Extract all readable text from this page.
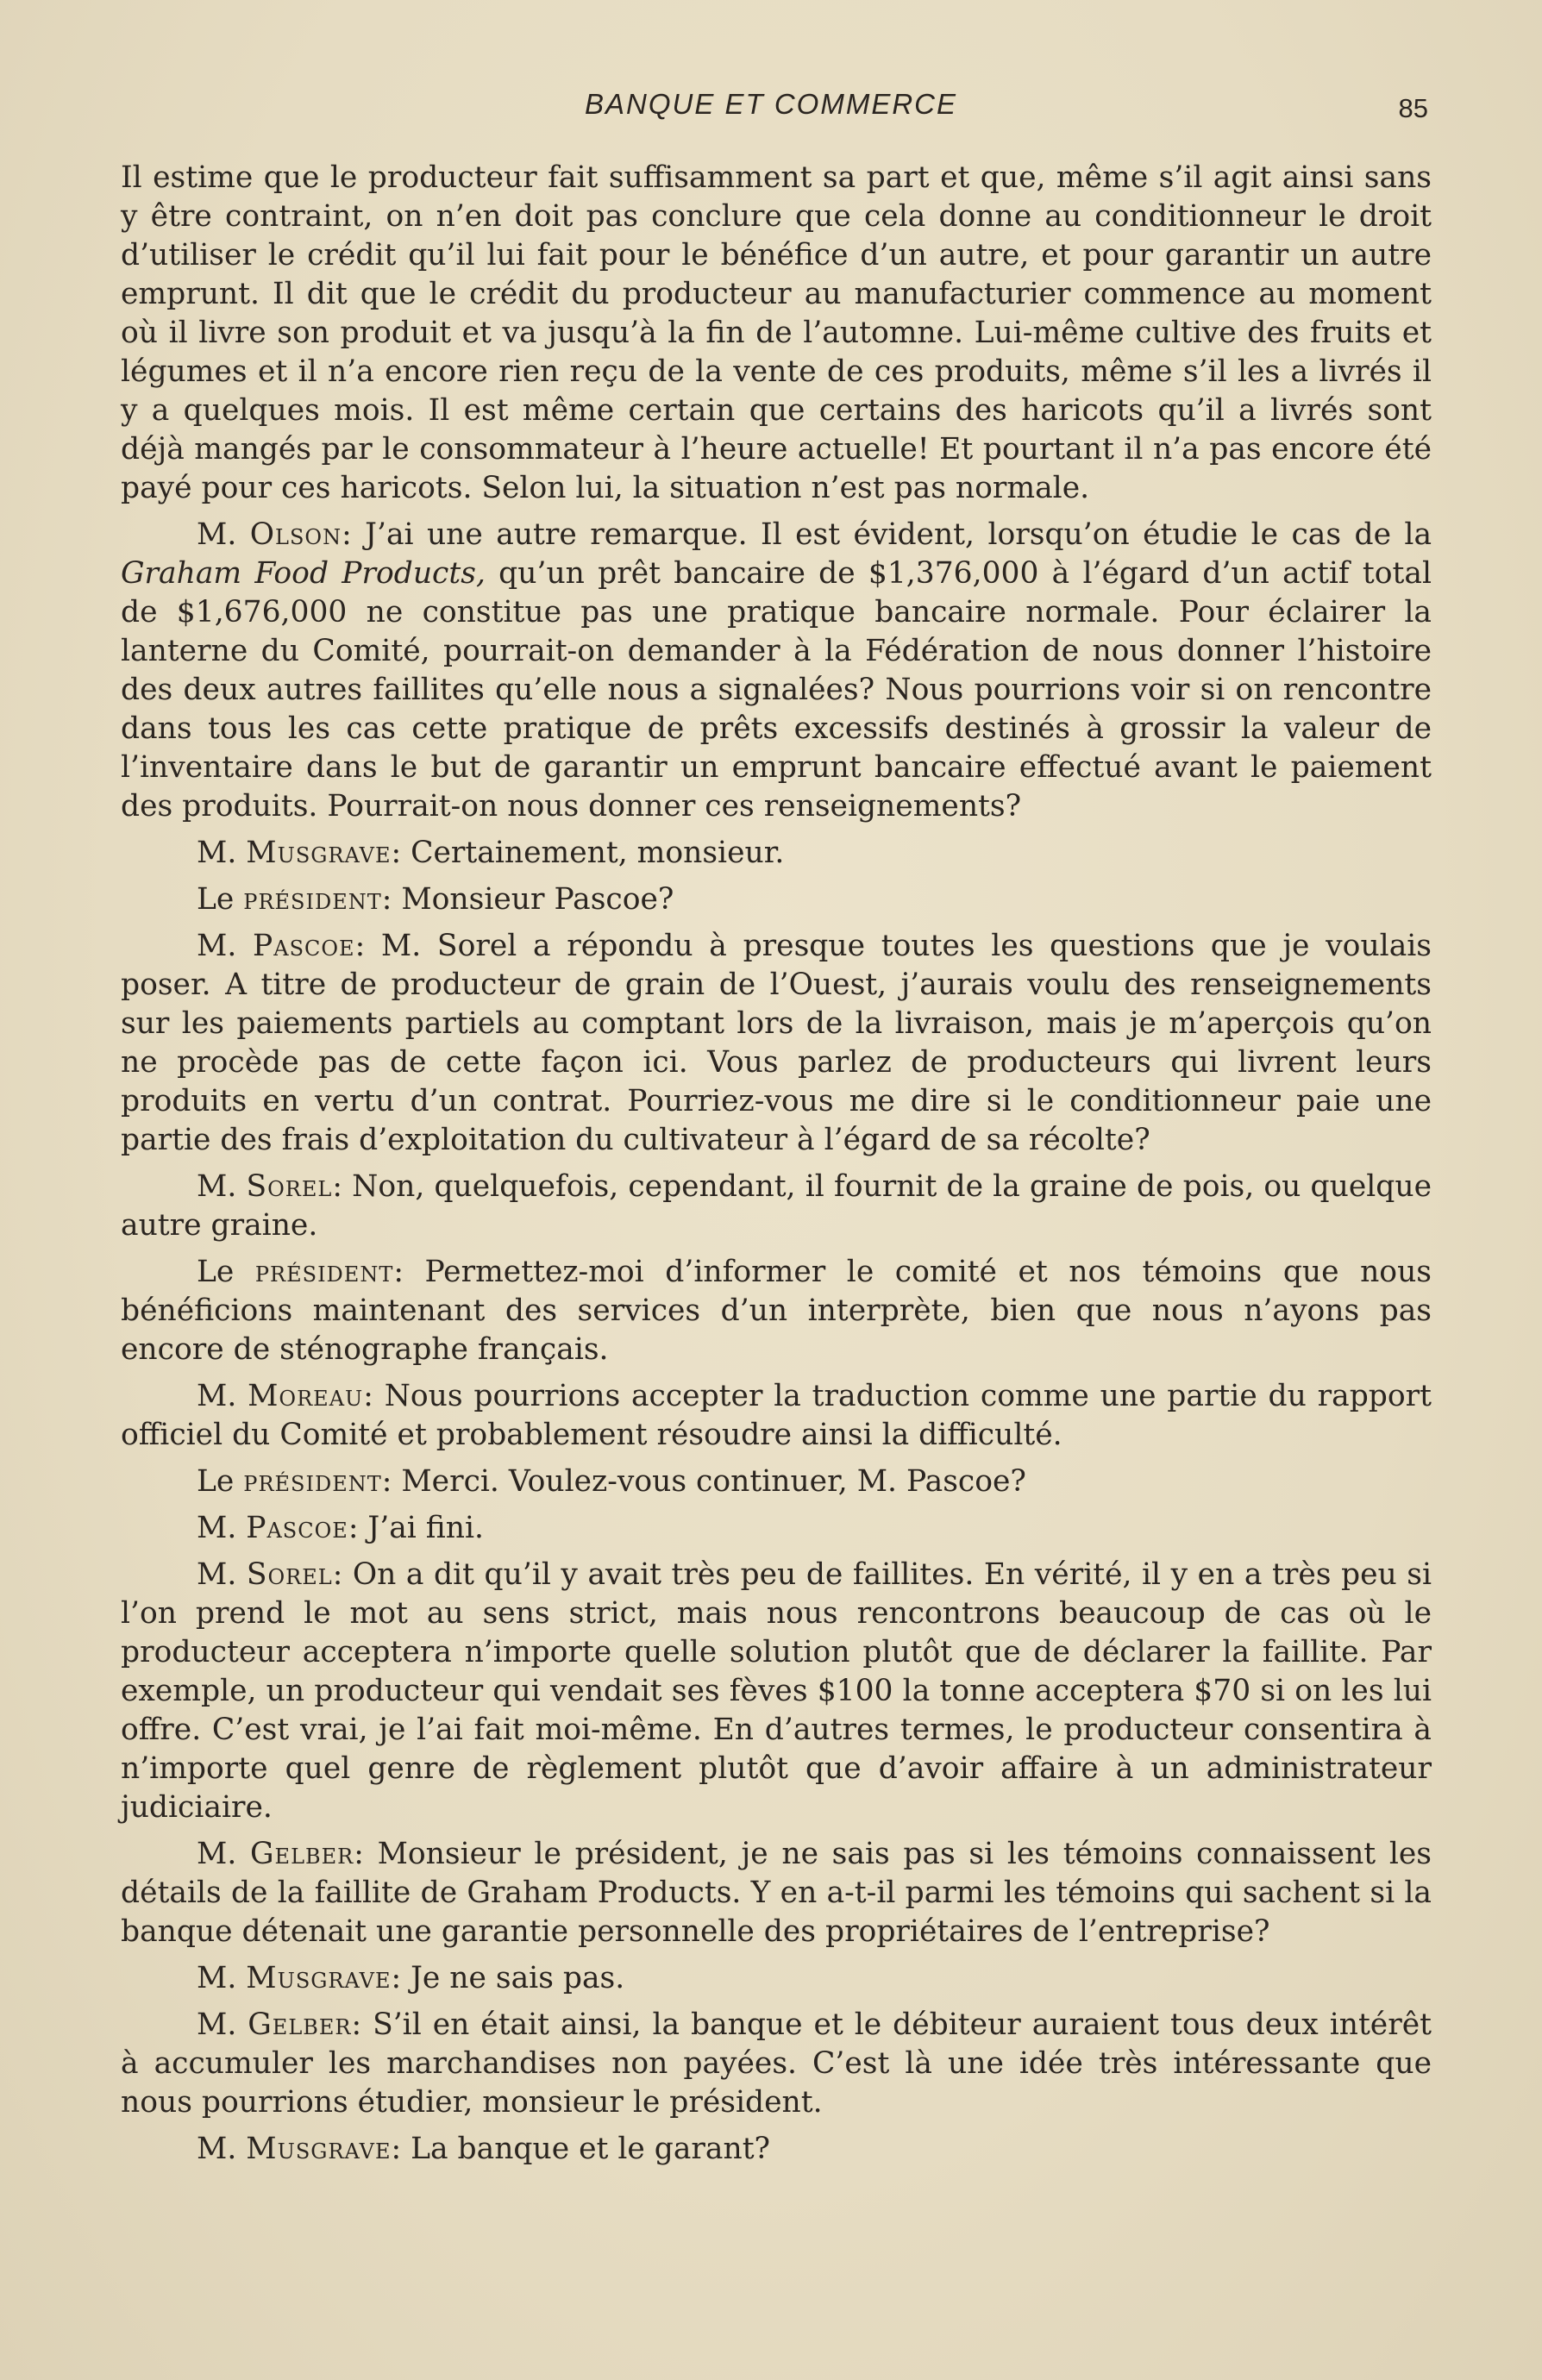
BANQUE ET COMMERCE	85

Il estime que le producteur fait suffisamment sa part et que, même s’il agit ainsi sans y être contraint, on n’en doit pas conclure que cela donne au conditionneur le droit d’utiliser le crédit qu’il lui fait pour le bénéfice d’un autre, et pour garantir un autre emprunt. Il dit que le crédit du producteur au manufacturier commence au moment où il livre son produit et va jusqu’à la fin de l’automne. Lui-même cultive des fruits et légumes et il n’a encore rien reçu de la vente de ces produits, même s’il les a livrés il y a quelques mois. Il est même certain que certains des haricots qu’il a livrés sont déjà mangés par le consommateur à l’heure actuelle! Et pourtant il n’a pas encore été payé pour ces haricots. Selon lui, la situation n’est pas normale.

M. Olson: J’ai une autre remarque. Il est évident, lorsqu’on étudie le cas de la Graham Food Products, qu’un prêt bancaire de $1,376,000 à l’égard d’un actif total de $1,676,000 ne constitue pas une pratique bancaire normale. Pour éclairer la lanterne du Comité, pourrait-on demander à la Fédération de nous donner l’histoire des deux autres faillites qu’elle nous a signalées? Nous pourrions voir si on rencontre dans tous les cas cette pratique de prêts excessifs destinés à grossir la valeur de l’inventaire dans le but de garantir un emprunt bancaire effectué avant le paiement des produits. Pourrait-on nous donner ces renseignements?

M. Musgrave: Certainement, monsieur.

Le président: Monsieur Pascoe?

M. Pascoe: M. Sorel a répondu à presque toutes les questions que je voulais poser. A titre de producteur de grain de l’Ouest, j’aurais voulu des renseignements sur les paiements partiels au comptant lors de la livraison, mais je m’aperçois qu’on ne procède pas de cette façon ici. Vous parlez de producteurs qui livrent leurs produits en vertu d’un contrat. Pourriez-vous me dire si le conditionneur paie une partie des frais d’exploitation du cultivateur à l’égard de sa récolte?

M. Sorel: Non, quelquefois, cependant, il fournit de la graine de pois, ou quelque autre graine.

Le président: Permettez-moi d’informer le comité et nos témoins que nous bénéficions maintenant des services d’un interprète, bien que nous n’ayons pas encore de sténographe français.

M. Moreau: Nous pourrions accepter la traduction comme une partie du rapport officiel du Comité et probablement résoudre ainsi la difficulté.

Le président: Merci. Voulez-vous continuer, M. Pascoe?

M. Pascoe: J’ai fini.

M. Sorel: On a dit qu’il y avait très peu de faillites. En vérité, il y en a très peu si l’on prend le mot au sens strict, mais nous rencontrons beaucoup de cas où le producteur acceptera n’importe quelle solution plutôt que de déclarer la faillite. Par exemple, un producteur qui vendait ses fèves $100 la tonne acceptera $70 si on les lui offre. C’est vrai, je l’ai fait moi-même. En d’autres termes, le producteur consentira à n’importe quel genre de règlement plutôt que d’avoir affaire à un administrateur judiciaire.

M. Gelber: Monsieur le président, je ne sais pas si les témoins connaissent les détails de la faillite de Graham Products. Y en a-t-il parmi les témoins qui sachent si la banque détenait une garantie personnelle des propriétaires de l’entreprise?

M. Musgrave: Je ne sais pas.

M. Gelber: S’il en était ainsi, la banque et le débiteur auraient tous deux intérêt à accumuler les marchandises non payées. C’est là une idée très intéressante que nous pourrions étudier, monsieur le président.

M. Musgrave: La banque et le garant?
